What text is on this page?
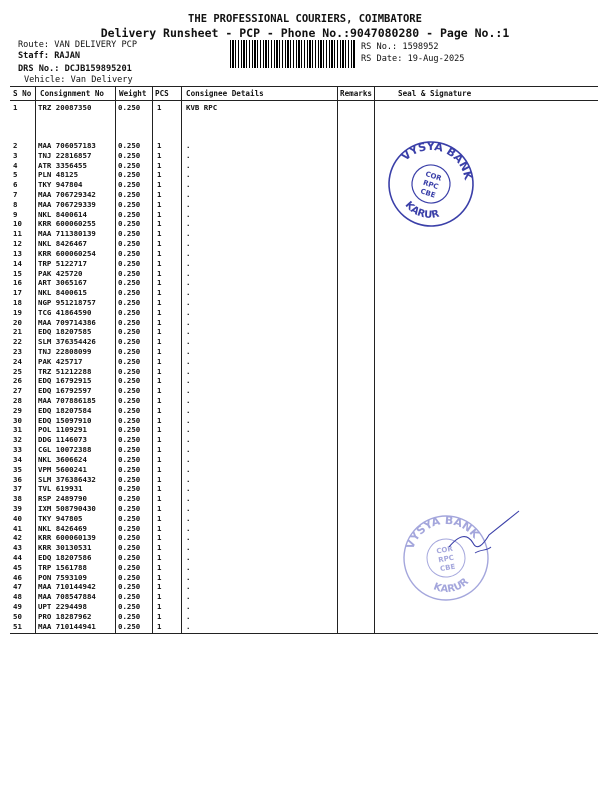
THE PROFESSIONAL COURIERS, COIMBATORE
Delivery Runsheet - PCP - Phone No.:9047080280 - Page No.:1
Route: VAN DELIVERY PCP
Staff: RAJAN
DRS No.: DCJB159895201
Vehicle: Van Delivery
RS No.: 1598952
RS Date: 19-Aug-2025
S No Consignment No Weight PCS Consignee Details	Remarks	Seal & Signature
1	TRZ 20087350	0.250 1	KVB RPC
2	MAA 706057183	0.250 1	.
3	TNJ 22816857	0.250 1	.
4	ATR 3356455	0.250 1	.
5	PLN 48125	0.250 1	.
6	TKY 947804	0.250 1	.
7	MAA 706729342	0.250 1	.
8	MAA 706729339	0.250 1	.
9	NKL 8400614	0.250 1	.
10 KRR 600060255	0.250 1	.
11 MAA 711380139	0.250 1	.
12 NKL 8426467	0.250 1	.
13 KRR 600060254	0.250 1	.
14 TRP 5122717	0.250 1	.
15 PAK 425720	0.250 1	.
16 ART 3065167	0.250 1	.
17 NKL 8400615	0.250 1	.
18 NGP 951218757	0.250 1	.
19 TCG 41864590	0.250 1	.
20 MAA 709714386	0.250 1	.
21 EDQ 18207585	0.250 1	.
22 SLM 376354426	0.250 1	.
23 TNJ 22808099	0.250 1	.
24 PAK 425717	0.250 1	.
25 TRZ 51212288	0.250 1	.
26 EDQ 16792915	0.250 1	.
27 EDQ 16792597	0.250 1	.
28 MAA 707886185	0.250 1	.
29 EDQ 18207584	0.250 1	.
30 EDQ 15097910	0.250 1	.
31 POL 1109291	0.250 1	.
32 DDG 1146073	0.250 1	.
33 CGL 10072388	0.250 1	.
34 NKL 3606624	0.250 1	.
35 VPM 5600241	0.250 1	.
36 SLM 376386432	0.250 1	.
37 TVL 619931	0.250 1	.
38 RSP 2489790	0.250 1	.
39 IXM 508790430	0.250 1	.
40 TKY 947805	0.250 1	.
41 NKL 8426469	0.250 1	.
42 KRR 600060139	0.250 1	.
43 KRR 30130531	0.250 1	.
44 EDQ 18207586	0.250 1	.
45 TRP 1561788	0.250 1	.
46 PON 7593109	0.250 1	.
47 MAA 710144942	0.250 1	.
48 MAA 708547884	0.250 1	.
49 UPT 2294498	0.250 1	.
50 PRO 18287962	0.250 1	.
51 MAA 710144941	0.250 1	.
VYSYA BANK
KARUR
COR
RPC
CBE
VYSYA BANK
KARUR
COR
RPC
CBE
